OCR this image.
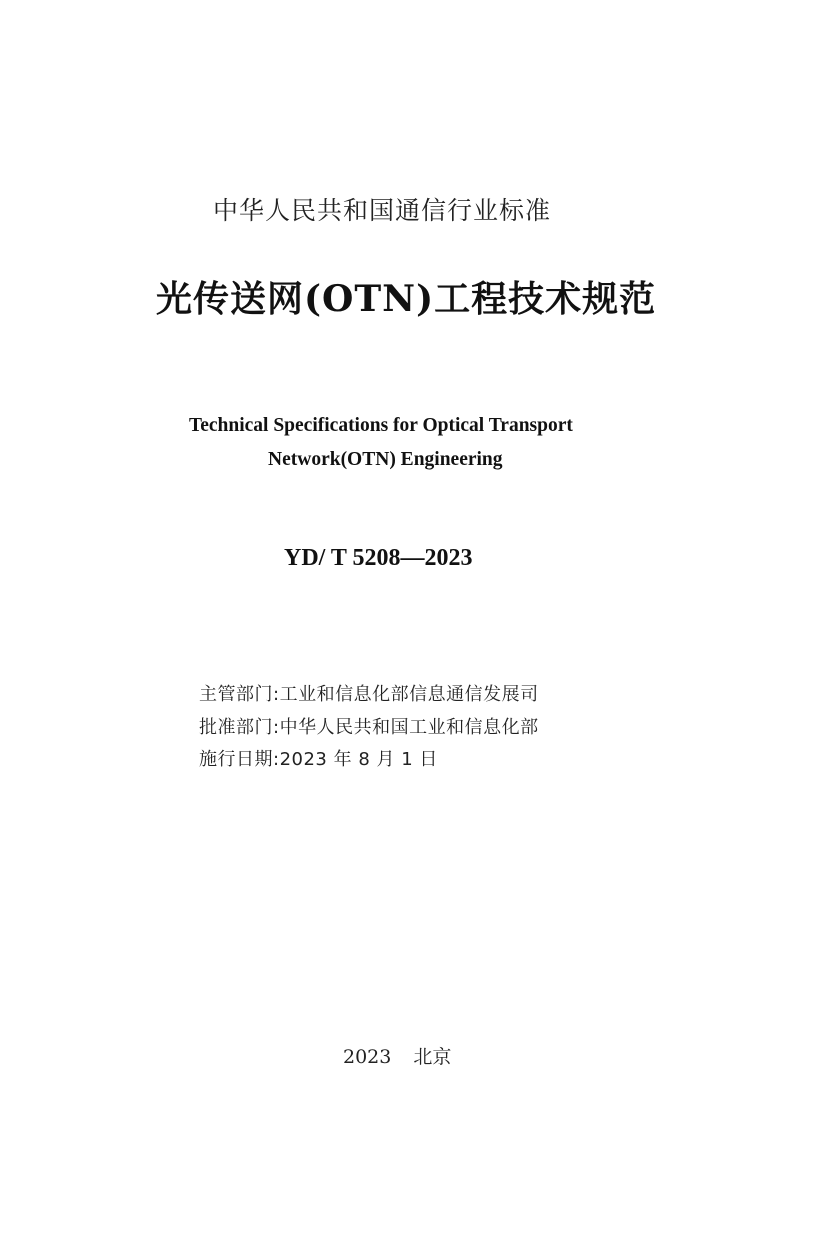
中华人民共和国通信行业标准
光传送网(OTN)工程技术规范
Technical Specifications for Optical Transport
Network(OTN) Engineering
YD/ T 5208—2023
主管部门:工业和信息化部信息通信发展司
批准部门:中华人民共和国工业和信息化部
施行日期:2023 年 8 月 1 日
2023 北京
